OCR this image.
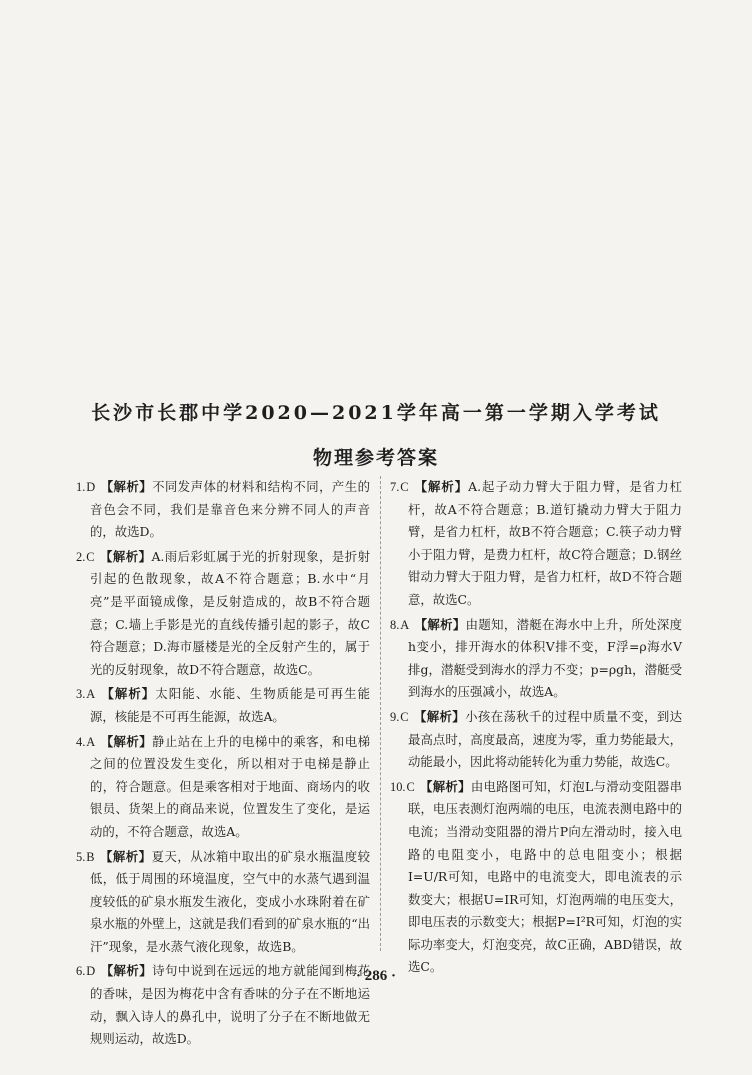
长沙市长郡中学2020—2021学年高一第一学期入学考试
物理参考答案

1.D 【解析】不同发声体的材料和结构不同，产生的音色会不同，我们是靠音色来分辨不同人的声音的，故选D。

2.C 【解析】A.雨后彩虹属于光的折射现象，是折射引起的色散现象，故A不符合题意；B.水中“月亮”是平面镜成像，是反射造成的，故B不符合题意；C.墙上手影是光的直线传播引起的影子，故C符合题意；D.海市蜃楼是光的全反射产生的，属于光的反射现象，故D不符合题意，故选C。

3.A 【解析】太阳能、水能、生物质能是可再生能源，核能是不可再生能源，故选A。

4.A 【解析】静止站在上升的电梯中的乘客，和电梯之间的位置没发生变化，所以相对于电梯是静止的，符合题意。但是乘客相对于地面、商场内的收银员、货架上的商品来说，位置发生了变化，是运动的，不符合题意，故选A。

5.B 【解析】夏天，从冰箱中取出的矿泉水瓶温度较低，低于周围的环境温度，空气中的水蒸气遇到温度较低的矿泉水瓶发生液化，变成小水珠附着在矿泉水瓶的外壁上，这就是我们看到的矿泉水瓶的“出汗”现象，是水蒸气液化现象，故选B。

6.D 【解析】诗句中说到在远远的地方就能闻到梅花的香味，是因为梅花中含有香味的分子在不断地运动，飘入诗人的鼻孔中，说明了分子在不断地做无规则运动，故选D。

7.C 【解析】A.起子动力臂大于阻力臂，是省力杠杆，故A不符合题意；B.道钉撬动力臂大于阻力臂，是省力杠杆，故B不符合题意；C.筷子动力臂小于阻力臂，是费力杠杆，故C符合题意；D.钢丝钳动力臂大于阻力臂，是省力杠杆，故D不符合题意，故选C。

8.A 【解析】由题知，潜艇在海水中上升，所处深度h变小，排开海水的体积V排不变，F浮=ρ海水V排g，潜艇受到海水的浮力不变；p=ρgh，潜艇受到海水的压强减小，故选A。

9.C 【解析】小孩在荡秋千的过程中质量不变，到达最高点时，高度最高，速度为零，重力势能最大，动能最小，因此将动能转化为重力势能，故选C。

10.C 【解析】由电路图可知，灯泡L与滑动变阻器串联，电压表测灯泡两端的电压，电流表测电路中的电流；当滑动变阻器的滑片P向左滑动时，接入电路的电阻变小，电路中的总电阻变小；根据I=U/R可知，电路中的电流变大，即电流表的示数变大；根据U=IR可知，灯泡两端的电压变大，即电压表的示数变大；根据P=I²R可知，灯泡的实际功率变大，灯泡变亮，故C正确，ABD错误，故选C。

· 286 ·
